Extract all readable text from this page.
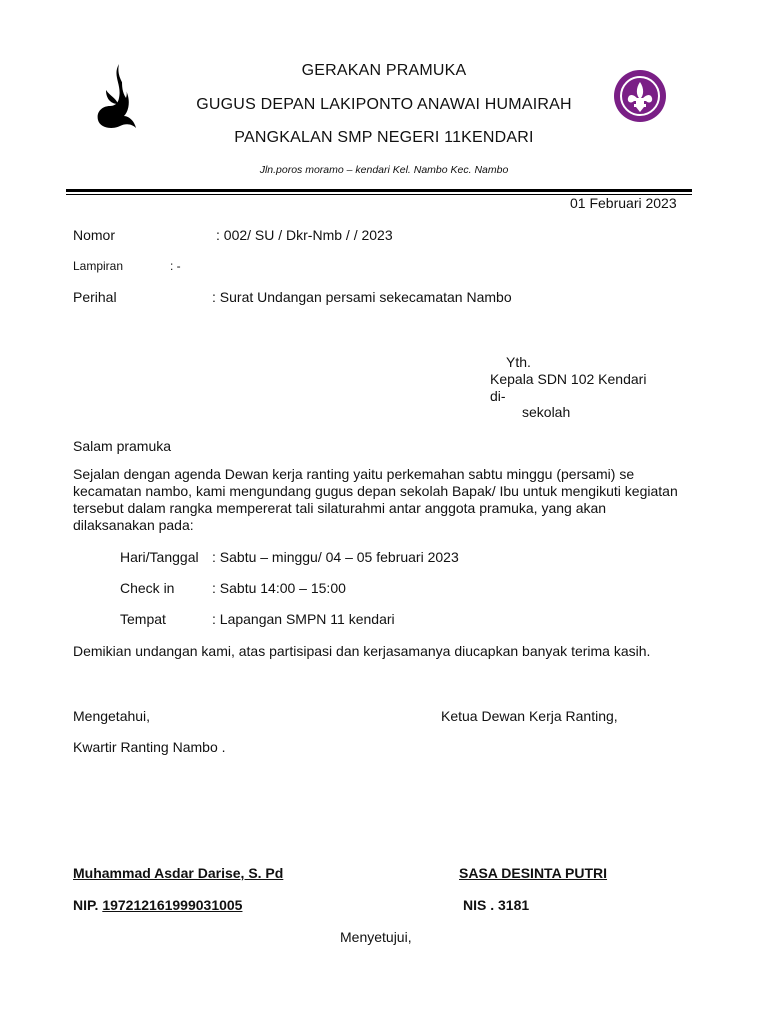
GERAKAN PRAMUKA
GUGUS DEPAN LAKIPONTO ANAWAI HUMAIRAH
PANGKALAN SMP NEGERI 11KENDARI
Jln.poros moramo – kendari Kel. Nambo Kec. Nambo
01 Februari 2023
Nomor	: 002/ SU / Dkr-Nmb / / 2023
Lampiran	: -
Perihal	: Surat Undangan persami sekecamatan Nambo
Yth.
Kepala SDN 102 Kendari
di-
sekolah
Salam pramuka
Sejalan dengan agenda Dewan kerja ranting yaitu perkemahan sabtu minggu (persami) se kecamatan nambo, kami mengundang gugus depan sekolah Bapak/ Ibu untuk mengikuti kegiatan tersebut dalam rangka mempererat tali silaturahmi antar anggota pramuka, yang akan dilaksanakan pada:
Hari/Tanggal : Sabtu – minggu/ 04 – 05 februari 2023
Check in	: Sabtu 14:00 – 15:00
Tempat	: Lapangan SMPN 11 kendari
Demikian undangan kami, atas partisipasi dan kerjasamanya diucapkan banyak terima kasih.
Mengetahui,	Ketua Dewan Kerja Ranting,
Kwartir Ranting Nambo .
Muhammad Asdar Darise, S. Pd	SASA DESINTA PUTRI
NIP. 197212161999031005	NIS . 3181
Menyetujui,
